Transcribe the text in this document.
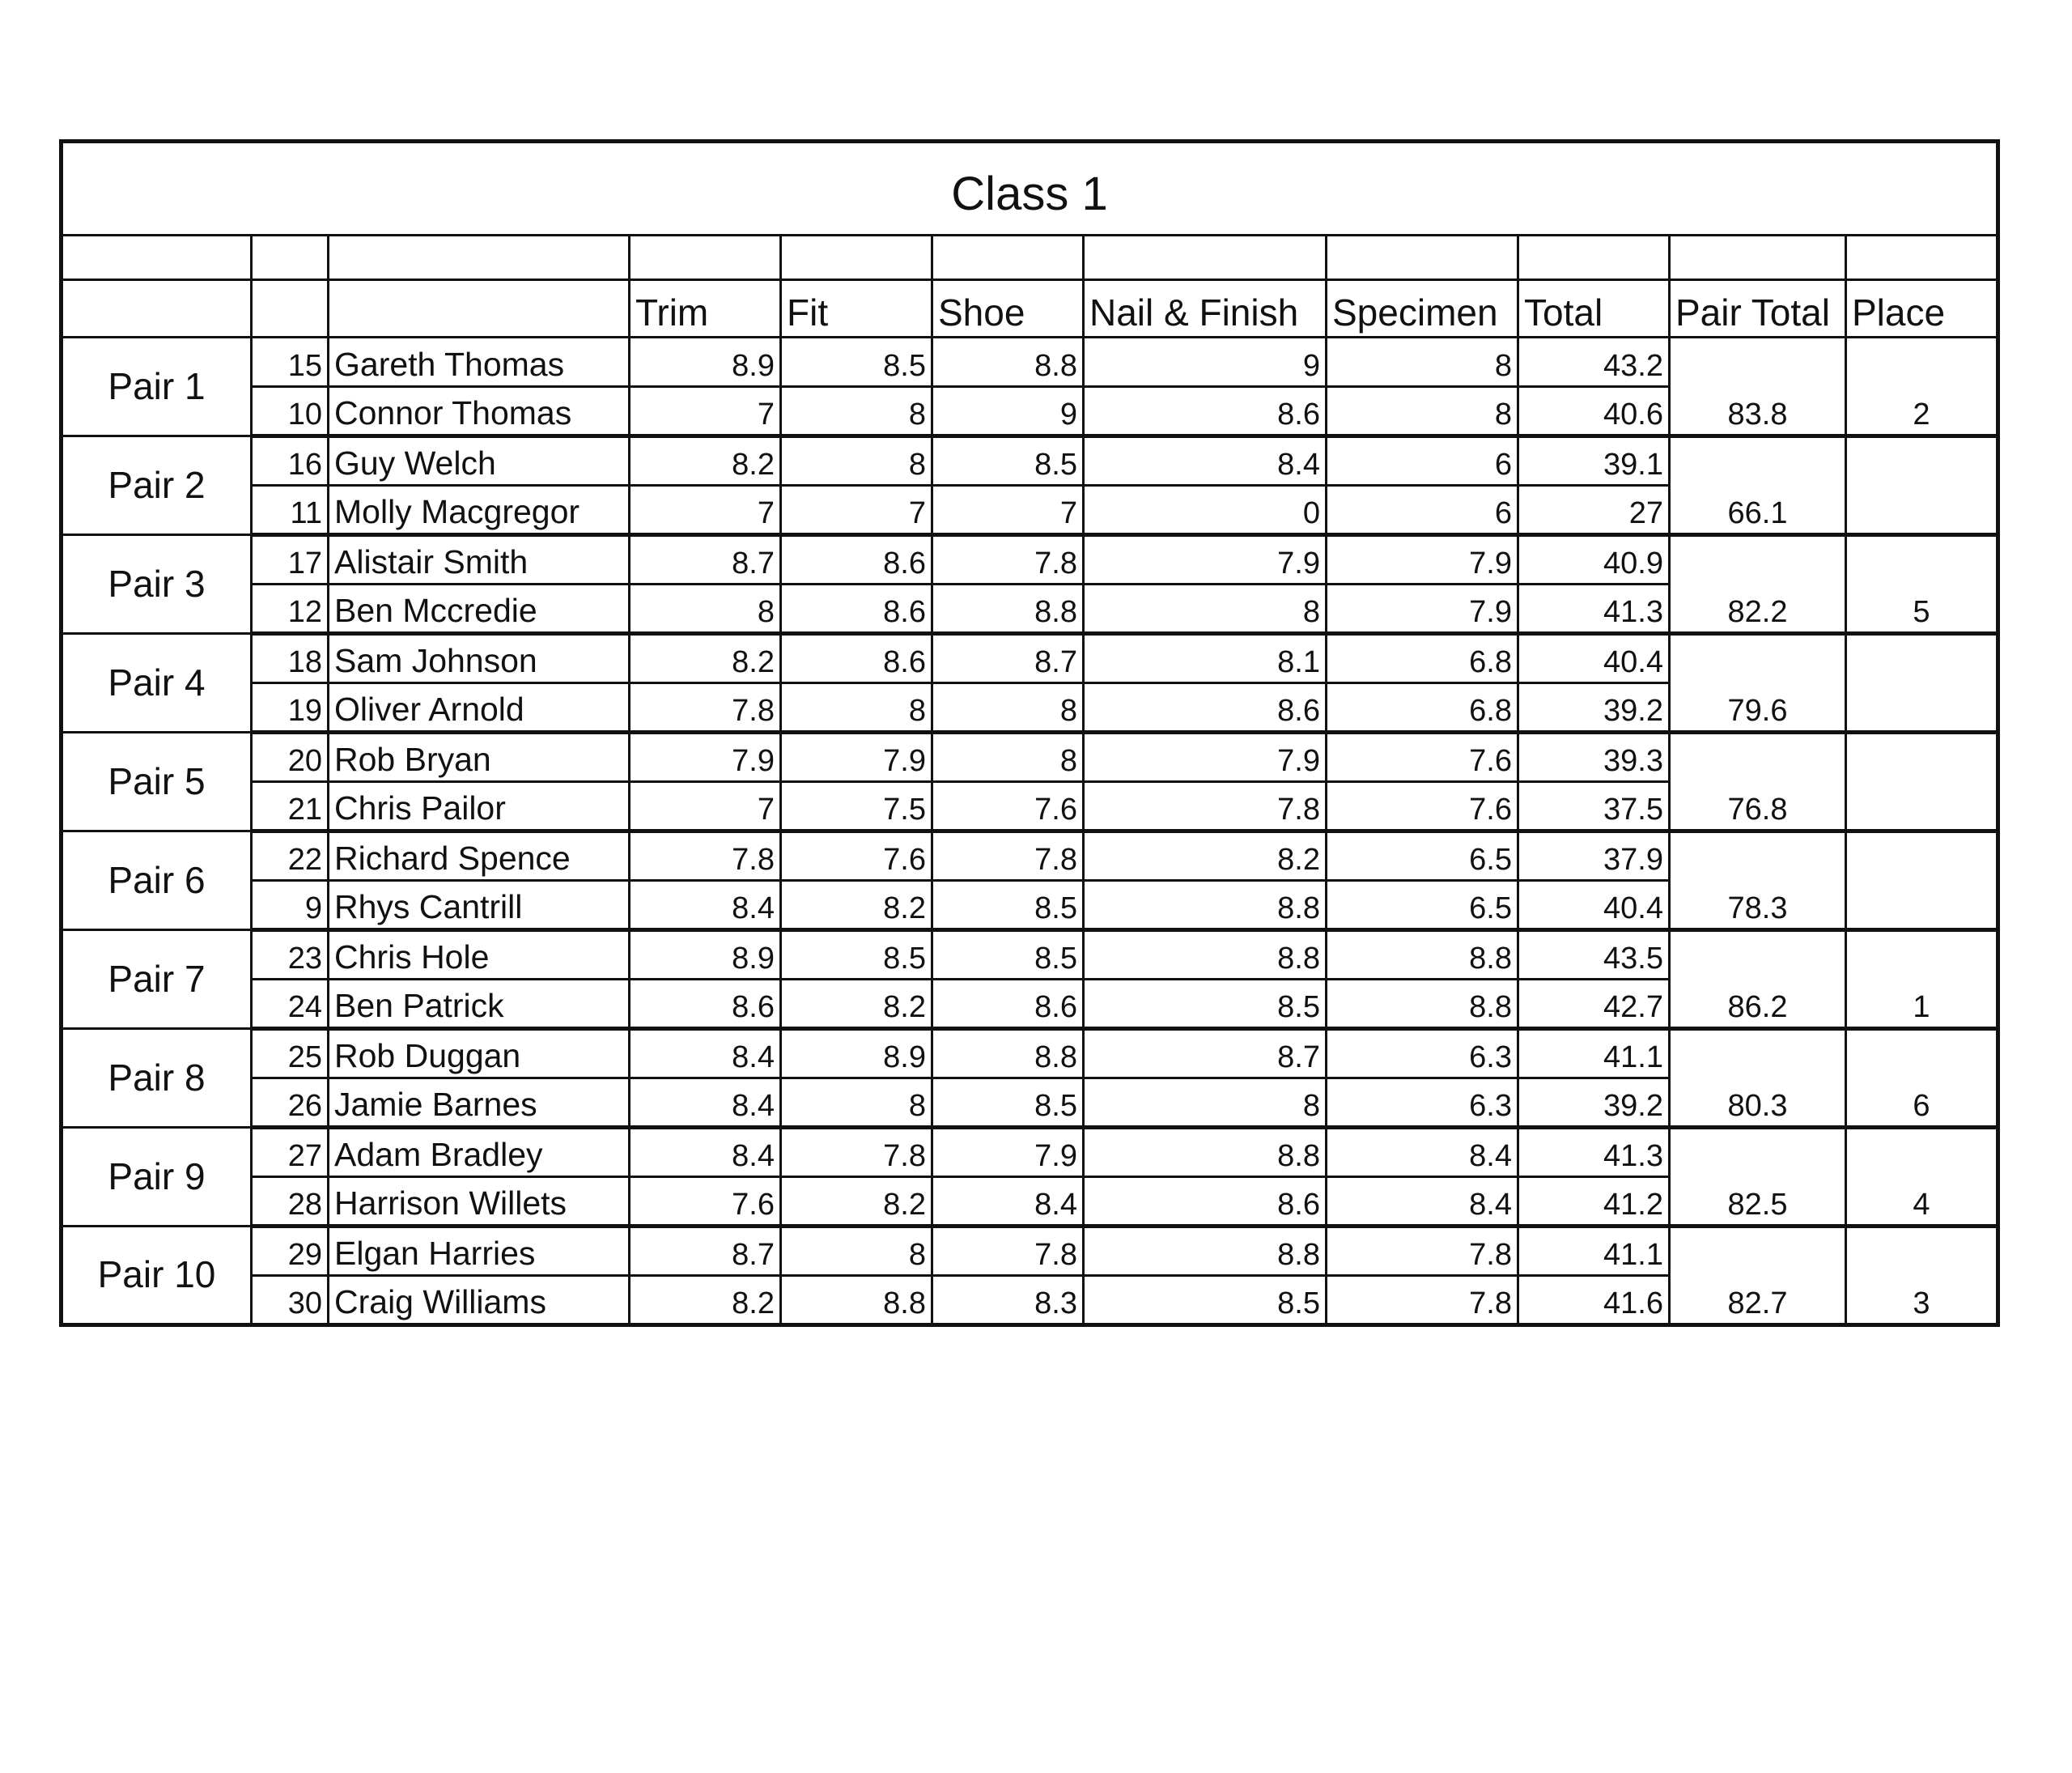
Class 1										

			Trim	Fit	Shoe	Nail & Finish	Specimen	Total	Pair Total	Place
Pair 1	15	Gareth Thomas	8.9	8.5	8.8	9	8	43.2		
	10	Connor Thomas	7	8	9	8.6	8	40.6	83.8	2
Pair 2	16	Guy Welch	8.2	8	8.5	8.4	6	39.1		
	11	Molly Macgregor	7	7	7	0	6	27	66.1	
Pair 3	17	Alistair Smith	8.7	8.6	7.8	7.9	7.9	40.9		
	12	Ben Mccredie	8	8.6	8.8	8	7.9	41.3	82.2	5
Pair 4	18	Sam Johnson	8.2	8.6	8.7	8.1	6.8	40.4		
	19	Oliver Arnold	7.8	8	8	8.6	6.8	39.2	79.6	
Pair 5	20	Rob Bryan	7.9	7.9	8	7.9	7.6	39.3		
	21	Chris Pailor	7	7.5	7.6	7.8	7.6	37.5	76.8	
Pair 6	22	Richard Spence	7.8	7.6	7.8	8.2	6.5	37.9		
	9	Rhys Cantrill	8.4	8.2	8.5	8.8	6.5	40.4	78.3	
Pair 7	23	Chris Hole	8.9	8.5	8.5	8.8	8.8	43.5		
	24	Ben Patrick	8.6	8.2	8.6	8.5	8.8	42.7	86.2	1
Pair 8	25	Rob Duggan	8.4	8.9	8.8	8.7	6.3	41.1		
	26	Jamie Barnes	8.4	8	8.5	8	6.3	39.2	80.3	6
Pair 9	27	Adam Bradley	8.4	7.8	7.9	8.8	8.4	41.3		
	28	Harrison Willets	7.6	8.2	8.4	8.6	8.4	41.2	82.5	4
Pair 10	29	Elgan Harries	8.7	8	7.8	8.8	7.8	41.1		
	30	Craig Williams	8.2	8.8	8.3	8.5	7.8	41.6	82.7	3
